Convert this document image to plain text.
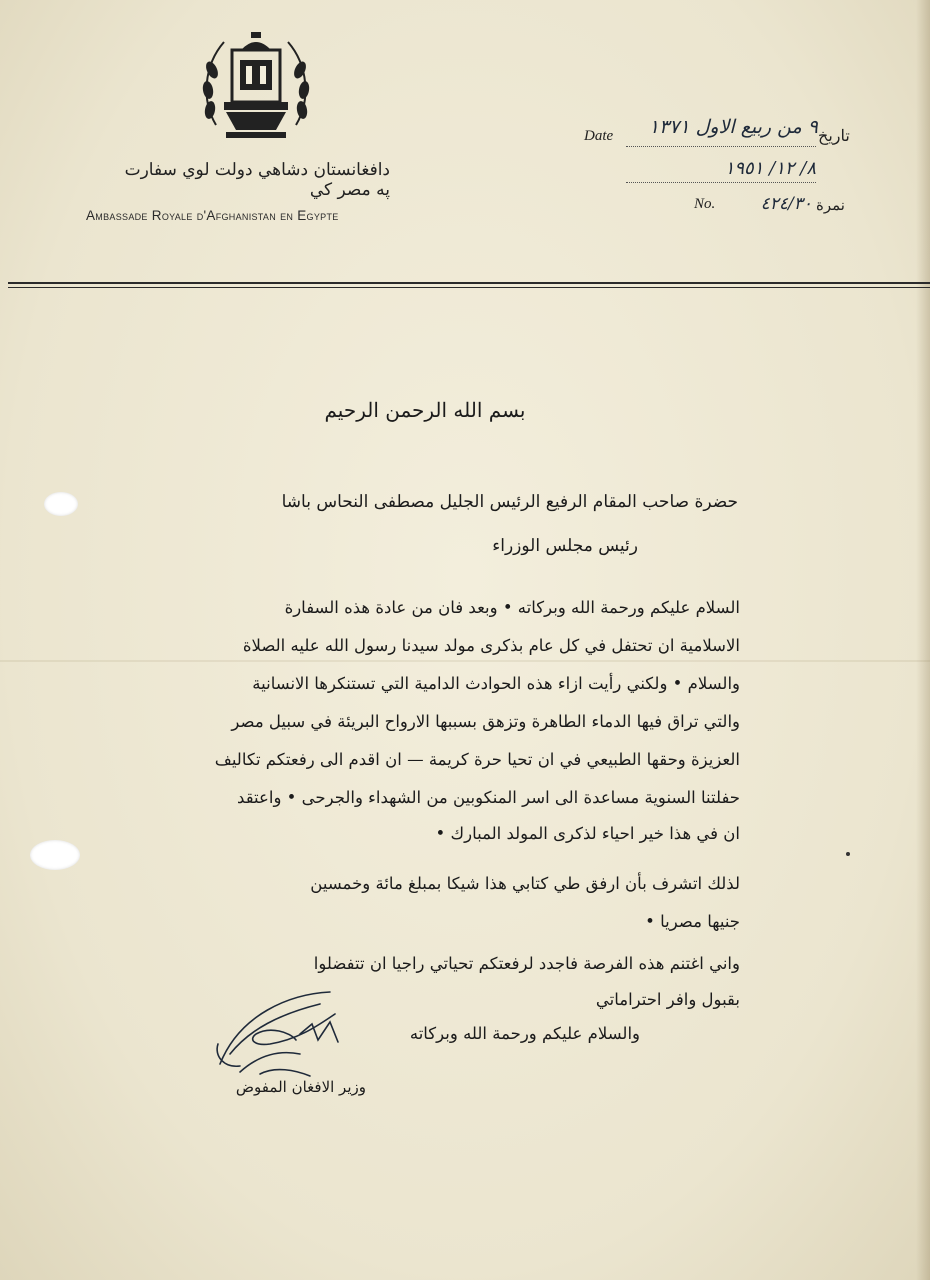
دافغانستان دشاهي دولت لوي سفارت په مصر کي
Ambassade Royale d'Afghanistan en Egypte
Date	تاريخ
٩ من ربيع الاول ١٣٧١
٨/ ١٢/ ١٩٥١
No.	نمرة
٤٢٤/٣٠
بسم الله الرحمن الرحيم
حضرة صاحب المقام الرفيع الرئيس الجليل مصطفى النحاس باشا
رئيس مجلس الوزراء
السلام عليكم ورحمة الله وبركاته • وبعد فان من عادة هذه السفارة
الاسلامية ان تحتفل في كل عام بذكرى مولد سيدنا رسول الله عليه الصلاة
والسلام • ولكني رأيت ازاء هذه الحوادث الدامية التي تستنكرها الانسانية
والتي تراق فيها الدماء الطاهرة وتزهق بسببها الارواح البريئة في سبيل مصر
العزيزة وحقها الطبيعي في ان تحيا حرة كريمة — ان اقدم الى رفعتكم تكاليف
حفلتنا السنوية مساعدة الى اسر المنكوبين من الشهداء والجرحى • واعتقد
ان في هذا خير احياء لذكرى المولد المبارك •
لذلك اتشرف بأن ارفق طي كتابي هذا شيكا بمبلغ مائة وخمسين
جنيها مصريا •
واني اغتنم هذه الفرصة فاجدد لرفعتكم تحياتي راجيا ان تتفضلوا
بقبول وافر احتراماتي
والسلام عليكم ورحمة الله وبركاته
وزير الافغان المفوض
